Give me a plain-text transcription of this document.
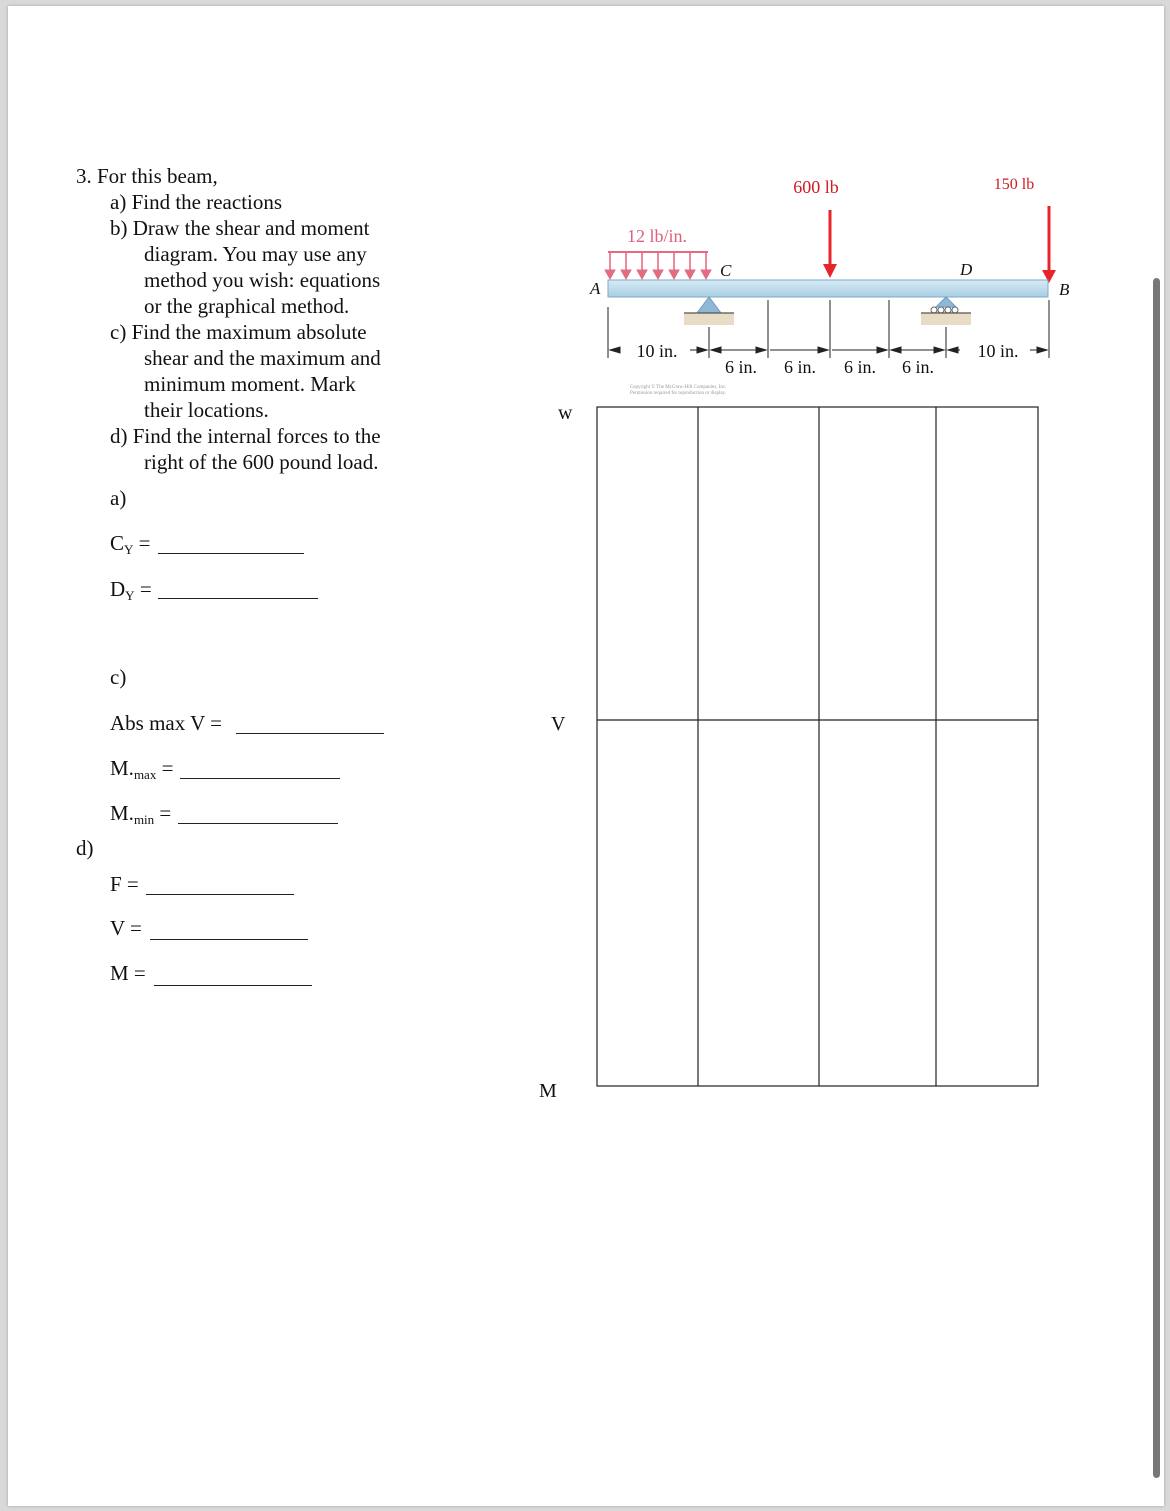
3. For this beam,
a) Find the reactions
b) Draw the shear and moment
diagram. You may use any
method you wish: equations
or the graphical method.
c) Find the maximum absolute
shear and the maximum and
minimum moment. Mark
their locations.
d) Find the internal forces to the
right of the 600 pound load.
a)
$C_Y$ =
$D_Y$ =
c)
Abs max V =
$M._{max}$ =
$M._{min}$ =
d)
F =
V =
M =
600 lb	150 lb
12 lb/in.
A
C	D
B
10 in.	10 in.
6 in. 6 in. 6 in. 6 in.
Copyright © The McGraw-Hill Companies, Inc.
Permission required for reproduction or display.
w
V
M
